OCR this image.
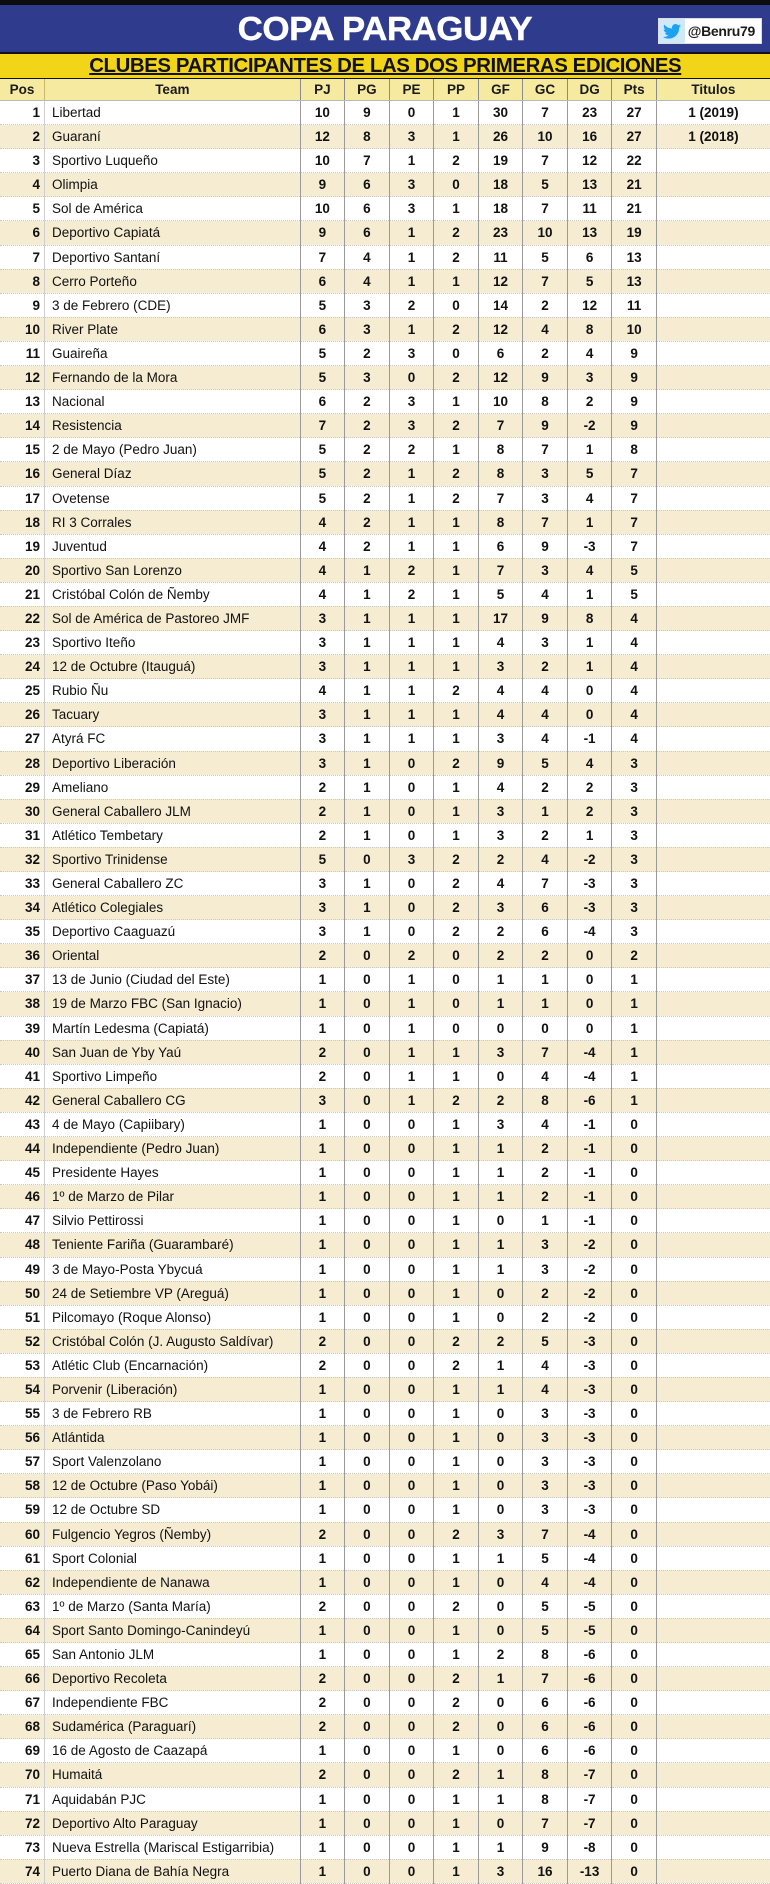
COPA PARAGUAY	@Benru79
CLUBES PARTICIPANTES DE LAS DOS PRIMERAS EDICIONES
Pos	Team	PJ	PG	PE	PP	GF	GC	DG	Pts	Titulos
1	Libertad	10	9	0	1	30	7	23	27	1 (2019)
2	Guaraní	12	8	3	1	26	10	16	27	1 (2018)
3	Sportivo Luqueño	10	7	1	2	19	7	12	22	
4	Olimpia	9	6	3	0	18	5	13	21	
5	Sol de América	10	6	3	1	18	7	11	21	
6	Deportivo Capiatá	9	6	1	2	23	10	13	19	
7	Deportivo Santaní	7	4	1	2	11	5	6	13	
8	Cerro Porteño	6	4	1	1	12	7	5	13	
9	3 de Febrero (CDE)	5	3	2	0	14	2	12	11	
10	River Plate	6	3	1	2	12	4	8	10	
11	Guaireña	5	2	3	0	6	2	4	9	
12	Fernando de la Mora	5	3	0	2	12	9	3	9	
13	Nacional	6	2	3	1	10	8	2	9	
14	Resistencia	7	2	3	2	7	9	-2	9	
15	2 de Mayo (Pedro Juan)	5	2	2	1	8	7	1	8	
16	General Díaz	5	2	1	2	8	3	5	7	
17	Ovetense	5	2	1	2	7	3	4	7	
18	RI 3 Corrales	4	2	1	1	8	7	1	7	
19	Juventud	4	2	1	1	6	9	-3	7	
20	Sportivo San Lorenzo	4	1	2	1	7	3	4	5	
21	Cristóbal Colón de Ñemby	4	1	2	1	5	4	1	5	
22	Sol de América de Pastoreo JMF	3	1	1	1	17	9	8	4	
23	Sportivo Iteño	3	1	1	1	4	3	1	4	
24	12 de Octubre (Itauguá)	3	1	1	1	3	2	1	4	
25	Rubio Ñu	4	1	1	2	4	4	0	4	
26	Tacuary	3	1	1	1	4	4	0	4	
27	Atyrá FC	3	1	1	1	3	4	-1	4	
28	Deportivo Liberación	3	1	0	2	9	5	4	3	
29	Ameliano	2	1	0	1	4	2	2	3	
30	General Caballero JLM	2	1	0	1	3	1	2	3	
31	Atlético Tembetary	2	1	0	1	3	2	1	3	
32	Sportivo Trinidense	5	0	3	2	2	4	-2	3	
33	General Caballero ZC	3	1	0	2	4	7	-3	3	
34	Atlético Colegiales	3	1	0	2	3	6	-3	3	
35	Deportivo Caaguazú	3	1	0	2	2	6	-4	3	
36	Oriental	2	0	2	0	2	2	0	2	
37	13 de Junio (Ciudad del Este)	1	0	1	0	1	1	0	1	
38	19 de Marzo FBC (San Ignacio)	1	0	1	0	1	1	0	1	
39	Martín Ledesma (Capiatá)	1	0	1	0	0	0	0	1	
40	San Juan de Yby Yaú	2	0	1	1	3	7	-4	1	
41	Sportivo Limpeño	2	0	1	1	0	4	-4	1	
42	General Caballero CG	3	0	1	2	2	8	-6	1	
43	4 de Mayo (Capiibary)	1	0	0	1	3	4	-1	0	
44	Independiente (Pedro Juan)	1	0	0	1	1	2	-1	0	
45	Presidente Hayes	1	0	0	1	1	2	-1	0	
46	1º de Marzo de Pilar	1	0	0	1	1	2	-1	0	
47	Silvio Pettirossi	1	0	0	1	0	1	-1	0	
48	Teniente Fariña (Guarambaré)	1	0	0	1	1	3	-2	0	
49	3 de Mayo-Posta Ybycuá	1	0	0	1	1	3	-2	0	
50	24 de Setiembre VP (Areguá)	1	0	0	1	0	2	-2	0	
51	Pilcomayo (Roque Alonso)	1	0	0	1	0	2	-2	0	
52	Cristóbal Colón (J. Augusto Saldívar)	2	0	0	2	2	5	-3	0	
53	Atlétic Club (Encarnación)	2	0	0	2	1	4	-3	0	
54	Porvenir (Liberación)	1	0	0	1	1	4	-3	0	
55	3 de Febrero RB	1	0	0	1	0	3	-3	0	
56	Atlántida	1	0	0	1	0	3	-3	0	
57	Sport Valenzolano	1	0	0	1	0	3	-3	0	
58	12 de Octubre (Paso Yobái)	1	0	0	1	0	3	-3	0	
59	12 de Octubre SD	1	0	0	1	0	3	-3	0	
60	Fulgencio Yegros (Ñemby)	2	0	0	2	3	7	-4	0	
61	Sport Colonial	1	0	0	1	1	5	-4	0	
62	Independiente de Nanawa	1	0	0	1	0	4	-4	0	
63	1º de Marzo (Santa María)	2	0	0	2	0	5	-5	0	
64	Sport Santo Domingo-Canindeyú	1	0	0	1	0	5	-5	0	
65	San Antonio JLM	1	0	0	1	2	8	-6	0	
66	Deportivo Recoleta	2	0	0	2	1	7	-6	0	
67	Independiente FBC	2	0	0	2	0	6	-6	0	
68	Sudamérica (Paraguarí)	2	0	0	2	0	6	-6	0	
69	16 de Agosto de Caazapá	1	0	0	1	0	6	-6	0	
70	Humaitá	2	0	0	2	1	8	-7	0	
71	Aquidabán PJC	1	0	0	1	1	8	-7	0	
72	Deportivo Alto Paraguay	1	0	0	1	0	7	-7	0	
73	Nueva Estrella (Mariscal Estigarribia)	1	0	0	1	1	9	-8	0	
74	Puerto Diana de Bahía Negra	1	0	0	1	3	16	-13	0	
